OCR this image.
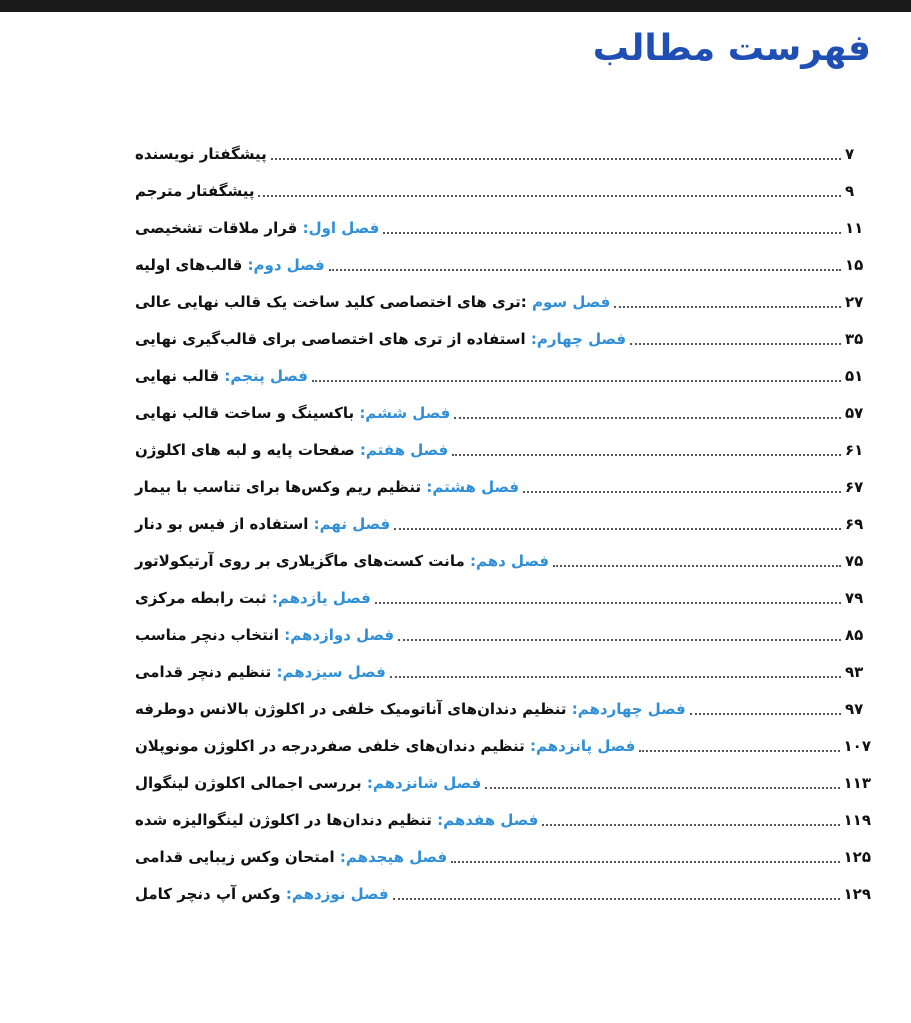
فهرست مطالب
پیشگفتار نویسنده	۷
پیشگفتار مترجم	۹
فصل اول: قرار ملاقات تشخیصی	۱۱
فصل دوم: قالب‌های اولیه	۱۵
فصل سوم :تری های اختصاصی کلید ساخت یک قالب نهایی عالی	۲۷
فصل چهارم: استفاده از تری های اختصاصی برای قالب‌گیری نهایی	۳۵
فصل پنجم: قالب نهایی	۵۱
فصل ششم: باکسینگ و ساخت قالب نهایی	۵۷
فصل هفتم: صفحات پایه و لبه های اکلوژن	۶۱
فصل هشتم: تنظیم ریم وکس‌ها برای تناسب با بیمار	۶۷
فصل نهم: استفاده از فیس بو دنار	۶۹
فصل دهم: مانت کست‌های ماگزیلاری بر روی آرتیکولاتور	۷۵
فصل یازدهم: ثبت رابطه مرکزی	۷۹
فصل دوازدهم: انتخاب دنچر مناسب	۸۵
فصل سیزدهم: تنظیم دنچر قدامی	۹۳
فصل چهاردهم: تنظیم دندان‌های آناتومیک خلفی در اکلوژن بالانس دوطرفه	۹۷
فصل پانزدهم: تنظیم دندان‌های خلفی صفردرجه در اکلوژن مونوپلان	۱۰۷
فصل شانزدهم: بررسی اجمالی اکلوژن لینگوال	۱۱۳
فصل هفدهم: تنظیم دندان‌ها در اکلوژن لینگوالیزه شده	۱۱۹
فصل هیجدهم: امتحان وکس زیبایی قدامی	۱۲۵
فصل نوزدهم: وکس آپ دنچر کامل	۱۲۹
